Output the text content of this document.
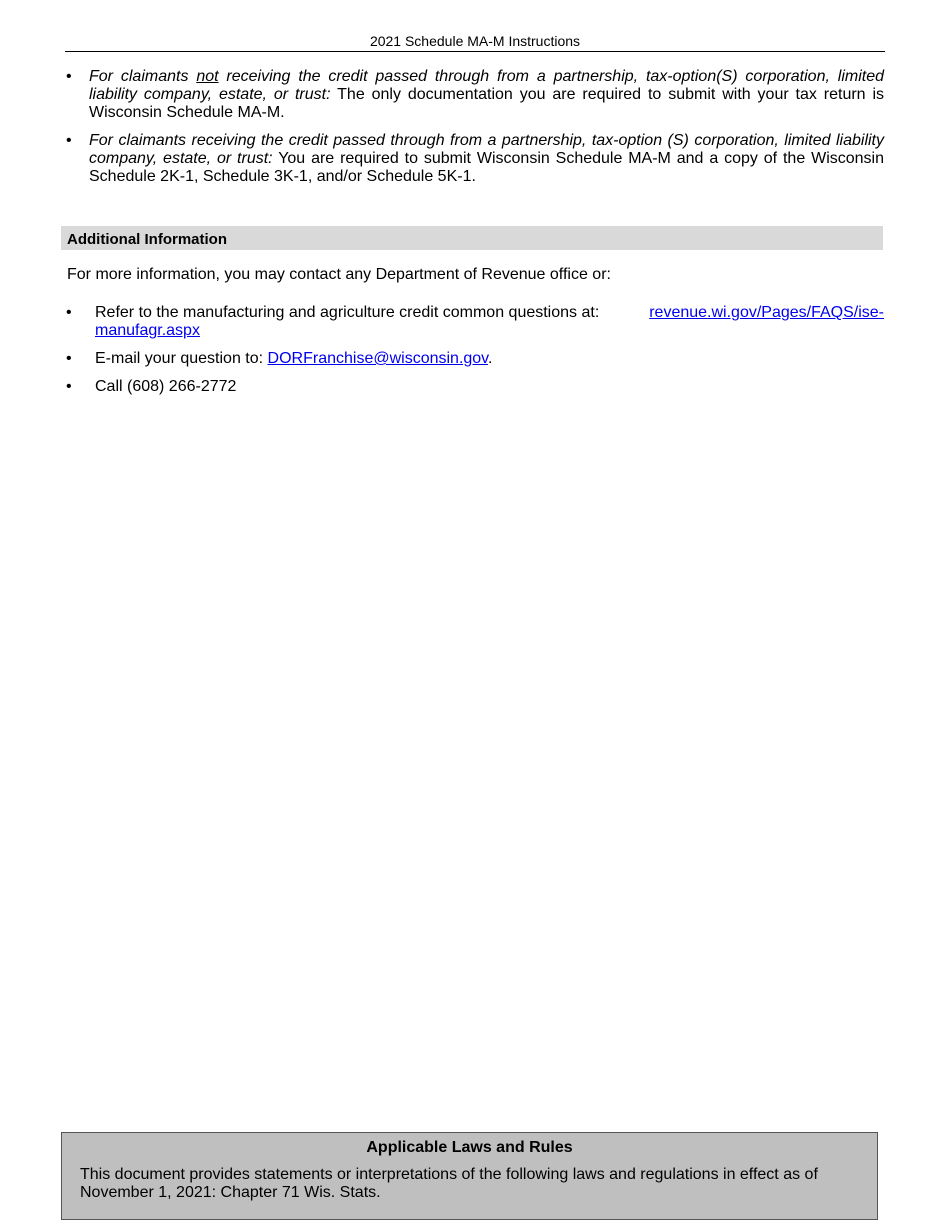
2021 Schedule MA-M Instructions
• For claimants not receiving the credit passed through from a partnership, tax-option(S) corporation, limited liability company, estate, or trust: The only documentation you are required to submit with your tax return is Wisconsin Schedule MA-M.
• For claimants receiving the credit passed through from a partnership, tax-option (S) corporation, limited liability company, estate, or trust: You are required to submit Wisconsin Schedule MA-M and a copy of the Wisconsin Schedule 2K-1, Schedule 3K-1, and/or Schedule 5K-1.
Additional Information
For more information, you may contact any Department of Revenue office or:
• Refer to the manufacturing and agriculture credit common questions at:	revenue.wi.gov/Pages/FAQS/ise-
manufagr.aspx
• E-mail your question to: DORFranchise@wisconsin.gov.
• Call (608) 266-2772
Applicable Laws and Rules
This document provides statements or interpretations of the following laws and regulations in effect as of November 1, 2021: Chapter 71 Wis. Stats.
